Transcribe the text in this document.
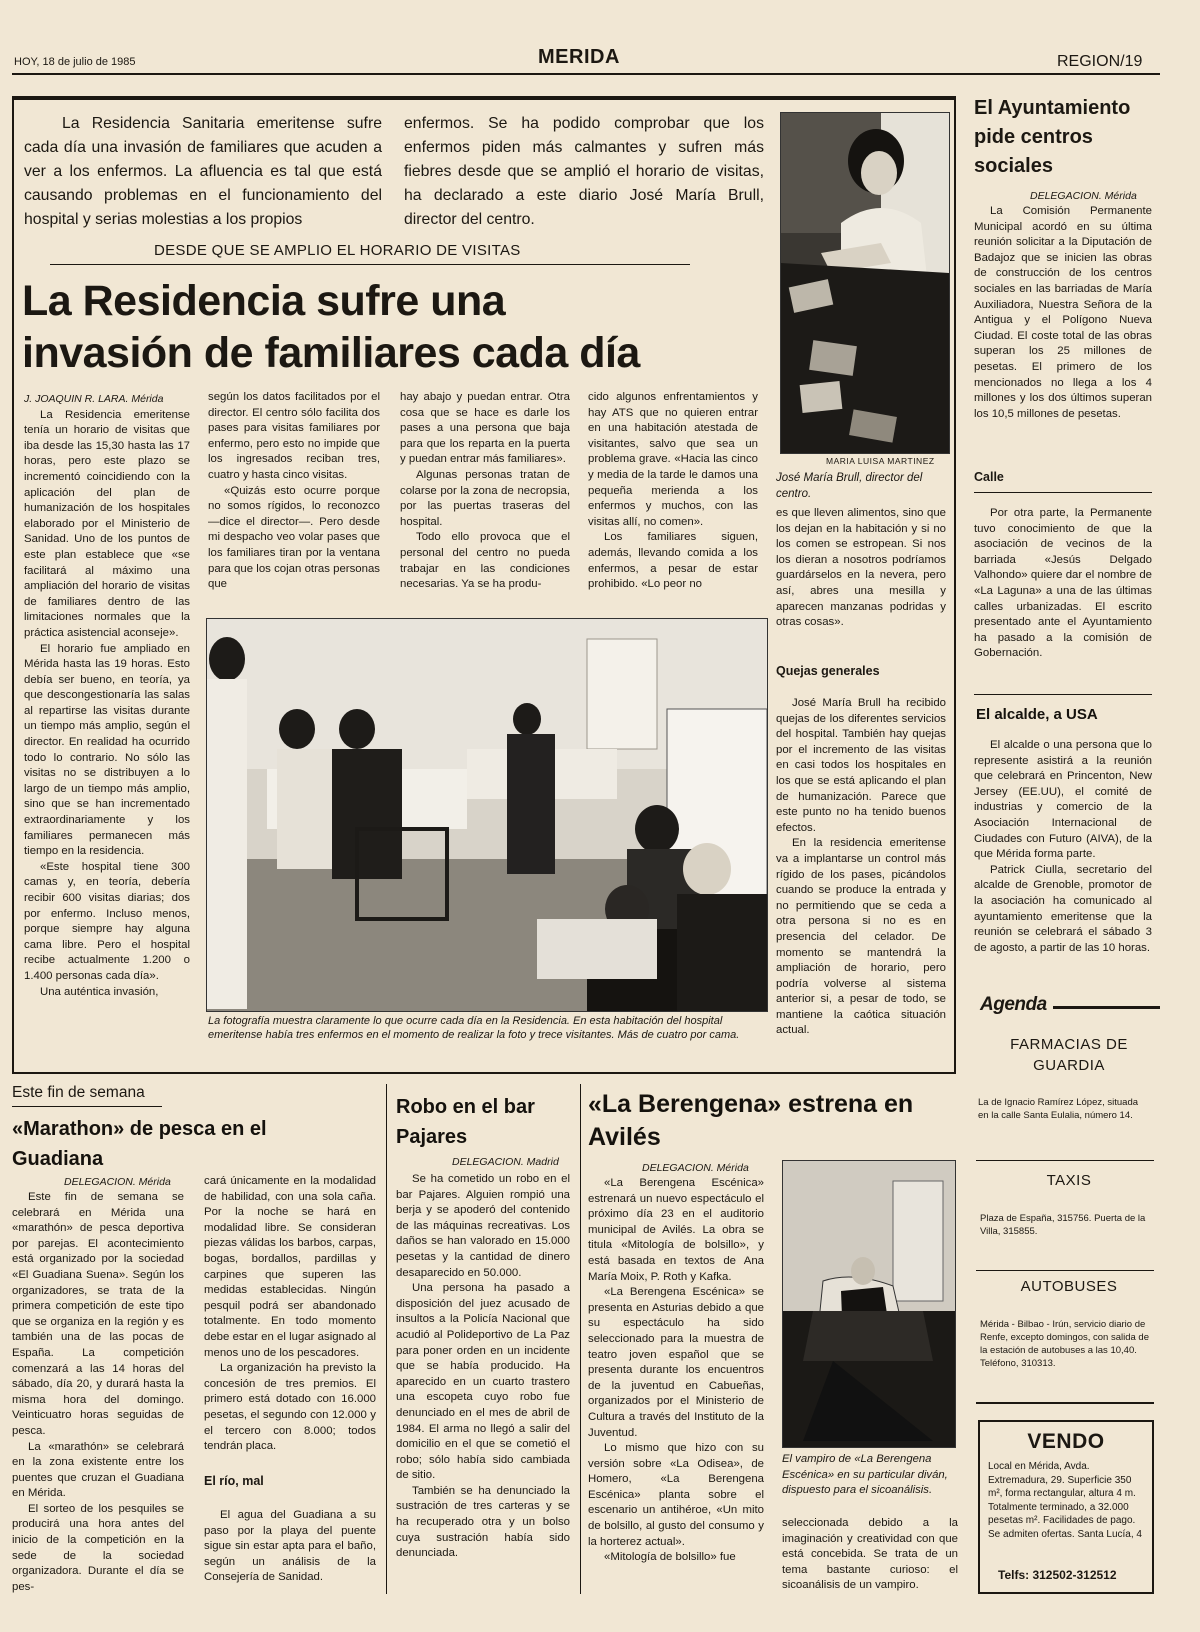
HOY, 18 de julio de 1985	MERIDA	REGION/19
La Residencia Sanitaria emeritense sufre cada día una invasión de familiares que acuden a ver a los enfermos. La afluencia es tal que está causando problemas en el funcionamiento del hospital y serias molestias a los propios
enfermos. Se ha podido comprobar que los enfermos piden más calmantes y sufren más fiebres desde que se amplió el horario de visitas, ha declarado a este diario José María Brull, director del centro.
DESDE QUE SE AMPLIO EL HORARIO DE VISITAS
La Residencia sufre una
invasión de familiares cada día

J. JOAQUIN R. LARA. Mérida

La Residencia emeritense tenía un horario de visitas que iba desde las 15,30 hasta las 17 horas, pero este plazo se incrementó coincidiendo con la aplicación del plan de humanización de los hospitales elaborado por el Ministerio de Sanidad. Uno de los puntos de este plan establece que «se facilitará al máximo una ampliación del horario de visitas de familiares dentro de las limitaciones normales que la práctica asistencial aconseje».

El horario fue ampliado en Mérida hasta las 19 horas. Esto debía ser bueno, en teoría, ya que descongestionaría las salas al repartirse las visitas durante un tiempo más amplio, según el director. En realidad ha ocurrido todo lo contrario. No sólo las visitas no se distribuyen a lo largo de un tiempo más amplio, sino que se han incrementado extraordinariamente y los familiares permanecen más tiempo en la residencia.

«Este hospital tiene 300 camas y, en teoría, debería recibir 600 visitas diarias; dos por enfermo. Incluso menos, porque siempre hay alguna cama libre. Pero el hospital recibe actualmente 1.200 o 1.400 personas cada día».

Una auténtica invasión,

según los datos facilitados por el director. El centro sólo facilita dos pases para visitas familiares por enfermo, pero esto no impide que los ingresados reciban tres, cuatro y hasta cinco visitas.

«Quizás esto ocurre porque no somos rígidos, lo reconozco —dice el director—. Pero desde mi despacho veo volar pases que los familiares tiran por la ventana para que los cojan otras personas que

hay abajo y puedan entrar. Otra cosa que se hace es darle los pases a una persona que baja para que los reparta en la puerta y puedan entrar más familiares».

Algunas personas tratan de colarse por la zona de necropsia, por las puertas traseras del hospital.

Todo ello provoca que el personal del centro no pueda trabajar en las condiciones necesarias. Ya se ha produ-

cido algunos enfrentamientos y hay ATS que no quieren entrar en una habitación atestada de visitantes, salvo que sea un problema grave. «Hacia las cinco y media de la tarde le damos una pequeña merienda a los enfermos y muchos, con las visitas allí, no comen».

Los familiares siguen, además, llevando comida a los enfermos, a pesar de estar prohibido. «Lo peor no

MARIA LUISA MARTINEZ
José María Brull, director del centro.

es que lleven alimentos, sino que los dejan en la habitación y si no los comen se estropean. Si nos los dieran a nosotros podríamos guardárselos en la nevera, pero así, abres una mesilla y aparecen manzanas podridas y otras cosas».

Quejas generales

José María Brull ha recibido quejas de los diferentes servicios del hospital. También hay quejas por el incremento de las visitas en casi todos los hospitales en los que se está aplicando el plan de humanización. Parece que este punto no ha tenido buenos efectos.

En la residencia emeritense va a implantarse un control más rígido de los pases, picándolos cuando se produce la entrada y no permitiendo que se ceda a otra persona si no es en presencia del celador. De momento se mantendrá la ampliación de horario, pero podría volverse al sistema anterior si, a pesar de todo, se mantiene la caótica situación actual.

La fotografía muestra claramente lo que ocurre cada día en la Residencia. En esta habitación del hospital emeritense había tres enfermos en el momento de realizar la foto y trece visitantes. Más de cuatro por cama.
El Ayuntamiento pide centros sociales
DELEGACION. Mérida

La Comisión Permanente Municipal acordó en su última reunión solicitar a la Diputación de Badajoz que se inicien las obras de construcción de los centros sociales en las barriadas de María Auxiliadora, Nuestra Señora de la Antigua y el Polígono Nueva Ciudad. El coste total de las obras superan los 25 millones de pesetas. El primero de los mencionados no llega a los 4 millones y los dos últimos superan los 10,5 millones de pesetas.

Calle

Por otra parte, la Permanente tuvo conocimiento de que la asociación de vecinos de la barriada «Jesús Delgado Valhondo» quiere dar el nombre de «La Laguna» a una de las últimas calles urbanizadas. El escrito presentado ante el Ayuntamiento ha pasado a la comisión de Gobernación.

El alcalde, a USA

El alcalde o una persona que lo represente asistirá a la reunión que celebrará en Princenton, New Jersey (EE.UU), el comité de industrias y comercio de la Asociación Internacional de Ciudades con Futuro (AIVA), de la que Mérida forma parte.

Patrick Ciulla, secretario del alcalde de Grenoble, promotor de la asociación ha comunicado al ayuntamiento emeritense que la reunión se celebrará el sábado 3 de agosto, a partir de las 10 horas.

Agenda
FARMACIAS DE GUARDIA
La de Ignacio Ramírez López, situada en la calle Santa Eulalia, número 14.
TAXIS
Plaza de España, 315756. Puerta de la Villa, 315855.
AUTOBUSES
Mérida - Bilbao - Irún, servicio diario de Renfe, excepto domingos, con salida de la estación de autobuses a las 10,40. Teléfono, 310313.
VENDO
Local en Mérida, Avda. Extremadura, 29. Superficie 350 m², forma rectangular, altura 4 m. Totalmente terminado, a 32.000 pesetas m². Facilidades de pago. Se admiten ofertas. Santa Lucía, 4
Telfs: 312502-312512
Este fin de semana
«Marathon» de pesca en el Guadiana
DELEGACION. Mérida

Este fin de semana se celebrará en Mérida una «marathón» de pesca deportiva por parejas. El acontecimiento está organizado por la sociedad «El Guadiana Suena». Según los organizadores, se trata de la primera competición de este tipo que se organiza en la región y es también una de las pocas de España. La competición comenzará a las 14 horas del sábado, día 20, y durará hasta la misma hora del domingo. Veinticuatro horas seguidas de pesca.

La «marathón» se celebrará en la zona existente entre los puentes que cruzan el Guadiana en Mérida.

El sorteo de los pesquiles se producirá una hora antes del inicio de la competición en la sede de la sociedad organizadora. Durante el día se pes-

cará únicamente en la modalidad de habilidad, con una sola caña. Por la noche se hará en modalidad libre. Se consideran piezas válidas los barbos, carpas, bogas, bordallos, pardillas y carpines que superen las medidas establecidas. Ningún pesquil podrá ser abandonado totalmente. En todo momento debe estar en el lugar asignado al menos uno de los pescadores.

La organización ha previsto la concesión de tres premios. El primero está dotado con 16.000 pesetas, el segundo con 12.000 y el tercero con 8.000; todos tendrán placa.

El río, mal

El agua del Guadiana a su paso por la playa del puente sigue sin estar apta para el baño, según un análisis de la Consejería de Sanidad.

Robo en el bar Pajares
DELEGACION. Madrid

Se ha cometido un robo en el bar Pajares. Alguien rompió una berja y se apoderó del contenido de las máquinas recreativas. Los daños se han valorado en 15.000 pesetas y la cantidad de dinero desaparecido en 50.000.

Una persona ha pasado a disposición del juez acusado de insultos a la Policía Nacional que acudió al Polideportivo de La Paz para poner orden en un incidente que se había producido. Ha aparecido en un cuarto trastero una escopeta cuyo robo fue denunciado en el mes de abril de 1984. El arma no llegó a salir del domicilio en el que se cometió el robo; sólo había sido cambiada de sitio.

También se ha denunciado la sustración de tres carteras y se ha recuperado otra y un bolso cuya sustración había sido denunciada.

«La Berengena» estrena en Avilés
DELEGACION. Mérida

«La Berengena Escénica» estrenará un nuevo espectáculo el próximo día 23 en el auditorio municipal de Avilés. La obra se titula «Mitología de bolsillo», y está basada en textos de Ana María Moix, P. Roth y Kafka.

«La Berengena Escénica» se presenta en Asturias debido a que su espectáculo ha sido seleccionado para la muestra de teatro joven español que se presenta durante los encuentros de la juventud en Cabueñas, organizados por el Ministerio de Cultura a través del Instituto de la Juventud.

Lo mismo que hizo con su versión sobre «La Odisea», de Homero, «La Berengena Escénica» planta sobre el escenario un antihéroe, «Un mito de bolsillo, al gusto del consumo y la horterez actual».

«Mitología de bolsillo» fue

El vampiro de «La Berengena Escénica» en su particular diván, dispuesto para el sicoanálisis.

seleccionada debido a la imaginación y creatividad con que está concebida. Se trata de un tema bastante curioso: el sicoanálisis de un vampiro.
